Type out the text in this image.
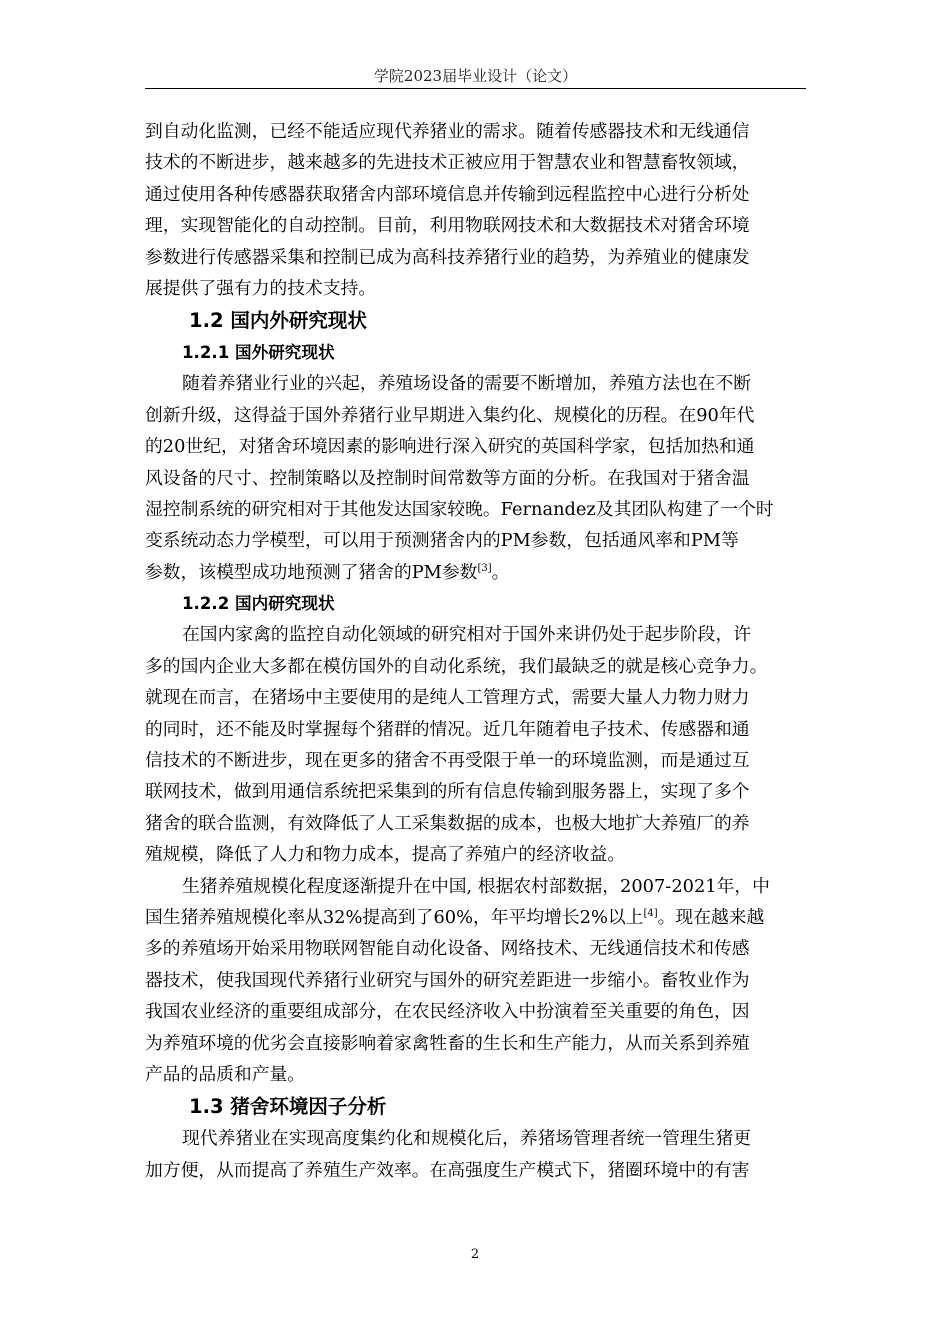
学院2023届毕业设计（论文）
到自动化监测，已经不能适应现代养猪业的需求。随着传感器技术和无线通信
技术的不断进步，越来越多的先进技术正被应用于智慧农业和智慧畜牧领域，
通过使用各种传感器获取猪舍内部环境信息并传输到远程监控中心进行分析处
理，实现智能化的自动控制。目前，利用物联网技术和大数据技术对猪舍环境
参数进行传感器采集和控制已成为高科技养猪行业的趋势，为养殖业的健康发
展提供了强有力的技术支持。
1.2 国内外研究现状
1.2.1 国外研究现状
随着养猪业行业的兴起，养殖场设备的需要不断增加，养殖方法也在不断
创新升级，这得益于国外养猪行业早期进入集约化、规模化的历程。在90年代
的20世纪，对猪舍环境因素的影响进行深入研究的英国科学家，包括加热和通
风设备的尺寸、控制策略以及控制时间常数等方面的分析。在我国对于猪舍温
湿控制系统的研究相对于其他发达国家较晚。Fernandez及其团队构建了一个时
变系统动态力学模型，可以用于预测猪舍内的PM参数，包括通风率和PM等
参数，该模型成功地预测了猪舍的PM参数[3]。
1.2.2 国内研究现状
在国内家禽的监控自动化领域的研究相对于国外来讲仍处于起步阶段，许
多的国内企业大多都在模仿国外的自动化系统，我们最缺乏的就是核心竞争力。
就现在而言，在猪场中主要使用的是纯人工管理方式，需要大量人力物力财力
的同时，还不能及时掌握每个猪群的情况。近几年随着电子技术、传感器和通
信技术的不断进步，现在更多的猪舍不再受限于单一的环境监测，而是通过互
联网技术，做到用通信系统把采集到的所有信息传输到服务器上，实现了多个
猪舍的联合监测，有效降低了人工采集数据的成本，也极大地扩大养殖厂的养
殖规模，降低了人力和物力成本，提高了养殖户的经济收益。
生猪养殖规模化程度逐渐提升在中国, 根据农村部数据，2007-2021年，中
国生猪养殖规模化率从32%提高到了60%，年平均增长2%以上[4]。现在越来越
多的养殖场开始采用物联网智能自动化设备、网络技术、无线通信技术和传感
器技术，使我国现代养猪行业研究与国外的研究差距进一步缩小。畜牧业作为
我国农业经济的重要组成部分，在农民经济收入中扮演着至关重要的角色，因
为养殖环境的优劣会直接影响着家禽牲畜的生长和生产能力，从而关系到养殖
产品的品质和产量。
1.3 猪舍环境因子分析
现代养猪业在实现高度集约化和规模化后，养猪场管理者统一管理生猪更
加方便，从而提高了养殖生产效率。在高强度生产模式下，猪圈环境中的有害
2
